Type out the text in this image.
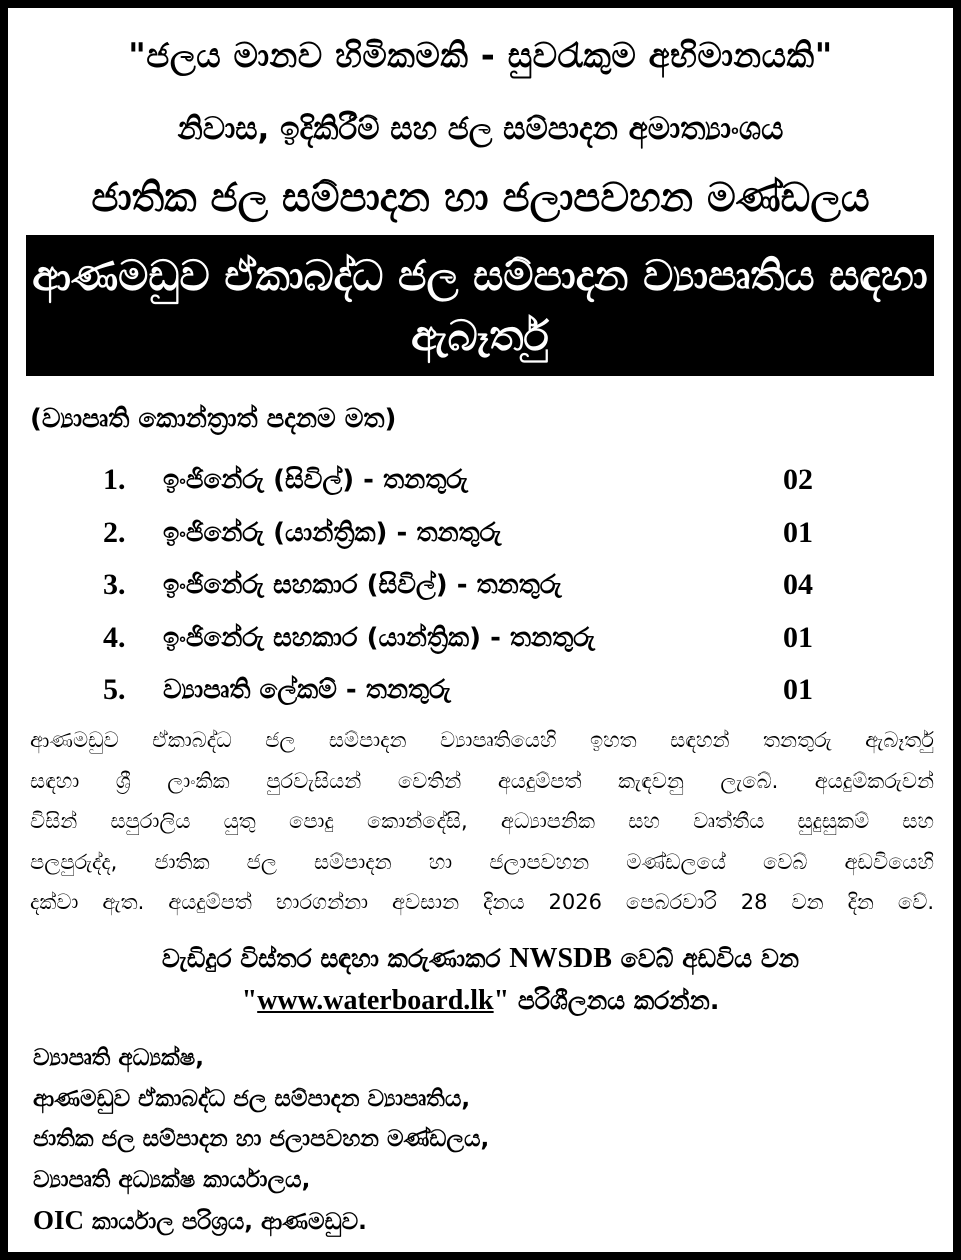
"ජලය මානව හිමිකමකි - සුවරැකුම අභිමානයකි"
නිවාස, ඉදිකිරීම් සහ ජල සම්පාදන අමාත්‍යාංශය
ජාතික ජල සම්පාදන හා ජලාපවහන මණ්ඩලය
ආණමඩුව ඒකාබද්ධ ජල සම්පාදන ව්‍යාපෘතිය සඳහා
ඇබෑර්තු
(ව්‍යාපෘති කොන්ත්‍රාත් පදනම මත)
1. ඉංජිනේරු (සිවිල්) - තනතුරු	02
2. ඉංජිනේරු (යාන්ත්‍රික) - තනතුරු	01
3. ඉංජිනේරු සහකාර (සිවිල්) - තනතුරු	04
4. ඉංජිනේරු සහකාර (යාන්ත්‍රික) - තනතුරු	01
5. ව්‍යාපෘති ලේකම් - තනතුරු	01
ආණමඩුව ඒකාබද්ධ ජල සම්පාදන ව්‍යාපෘතියෙහි ඉහත සඳහන් තනතුරු ඇබෑර්තු
සඳහා ශ්‍රී ලාංකික පුරවැසියන් වෙතින් අයදුම්පත් කැඳවනු ලැබේ. අයදුම්කරුවන්
විසින් සපුරාලිය යුතු පොදු කොන්දේසි, අධ්‍යාපනික සහ වෘත්තීය සුදුසුකම් සහ
පලපුරුද්ද, ජාතික ජල සම්පාදන හා ජලාපවහන මණ්ඩලයේ වෙබ් අඩවියෙහි
දක්වා ඇත. අයදුම්පත් භාරගන්නා අවසාන දිනය 2026 පෙබරවාරි 28 වන දින වේ.
වැඩිදුර විස්තර සඳහා කරුණාකර NWSDB වෙබ් අඩවිය වන
"www.waterboard.lk" පරිශීලනය කරන්න.
ව්‍යාපෘති අධ්‍යක්ෂ,
ආණමඩුව ඒකාබද්ධ ජල සම්පාදන ව්‍යාපෘතිය,
ජාතික ජල සම්පාදන හා ජලාපවහන මණ්ඩලය,
ව්‍යාපෘති අධ්‍යක්ෂ කාර්යාලය,
OIC කාර්යාල පරිශ්‍රය, ආණමඩුව.
